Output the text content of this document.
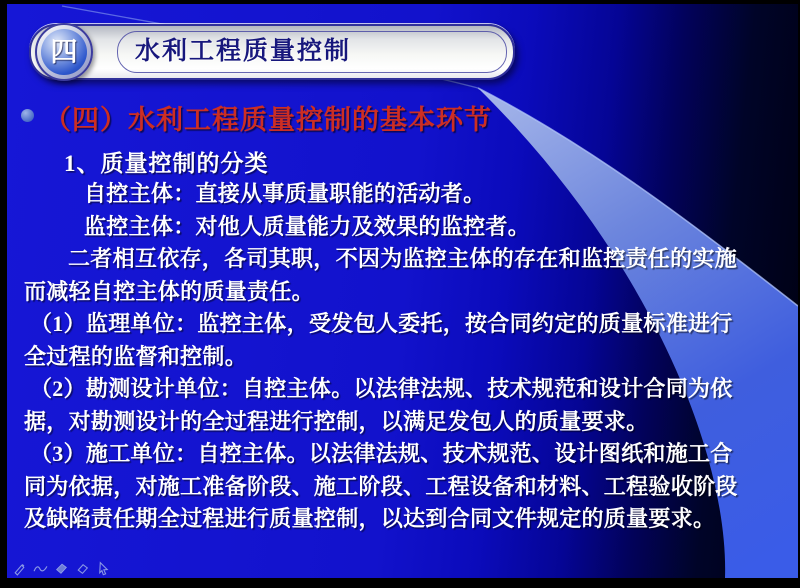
四 水利工程质量控制
（四）水利工程质量控制的基本环节
1、质量控制的分类
自控主体：直接从事质量职能的活动者。
监控主体：对他人质量能力及效果的监控者。
二者相互依存，各司其职，不因为监控主体的存在和监控责任的实施
而减轻自控主体的质量责任。
（1）监理单位：监控主体，受发包人委托，按合同约定的质量标准进行
全过程的监督和控制。
（2）勘测设计单位：自控主体。以法律法规、技术规范和设计合同为依
据，对勘测设计的全过程进行控制，以满足发包人的质量要求。
（3）施工单位：自控主体。以法律法规、技术规范、设计图纸和施工合
同为依据，对施工准备阶段、施工阶段、工程设备和材料、工程验收阶段
及缺陷责任期全过程进行质量控制，以达到合同文件规定的质量要求。
